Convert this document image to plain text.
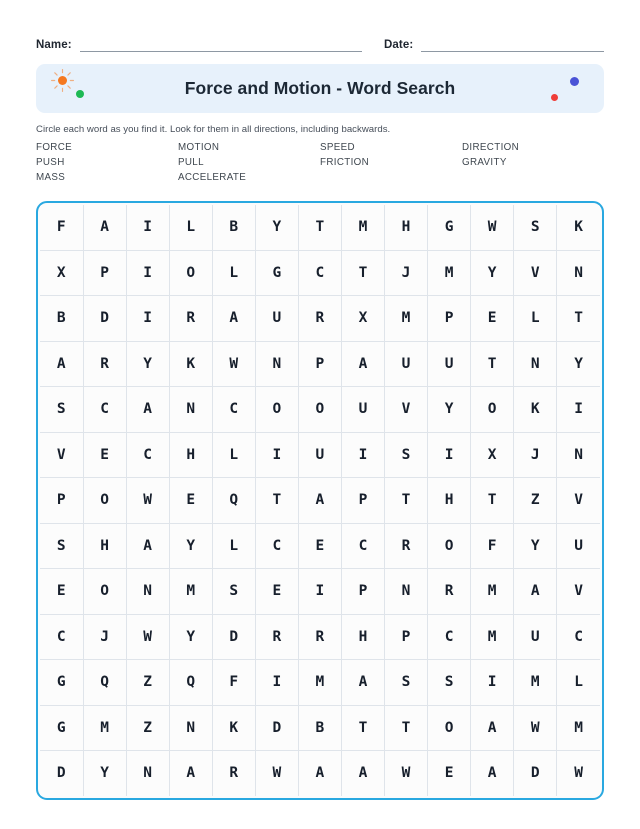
Name:	Date:
Force and Motion - Word Search
Circle each word as you find it. Look for them in all directions, including backwards.
FORCE	MOTION	SPEED	DIRECTION
PUSH	PULL	FRICTION	GRAVITY
MASS	ACCELERATE
F	A	I	L	B	Y	T	M	H	G	W	S	K
X	P	I	O	L	G	C	T	J	M	Y	V	N
B	D	I	R	A	U	R	X	M	P	E	L	T
A	R	Y	K	W	N	P	A	U	U	T	N	Y
S	C	A	N	C	O	O	U	V	Y	O	K	I
V	E	C	H	L	I	U	I	S	I	X	J	N
P	O	W	E	Q	T	A	P	T	H	T	Z	V
S	H	A	Y	L	C	E	C	R	O	F	Y	U
E	O	N	M	S	E	I	P	N	R	M	A	V
C	J	W	Y	D	R	R	H	P	C	M	U	C
G	Q	Z	Q	F	I	M	A	S	S	I	M	L
G	M	Z	N	K	D	B	T	T	O	A	W	M
D	Y	N	A	R	W	A	A	W	E	A	D	W
